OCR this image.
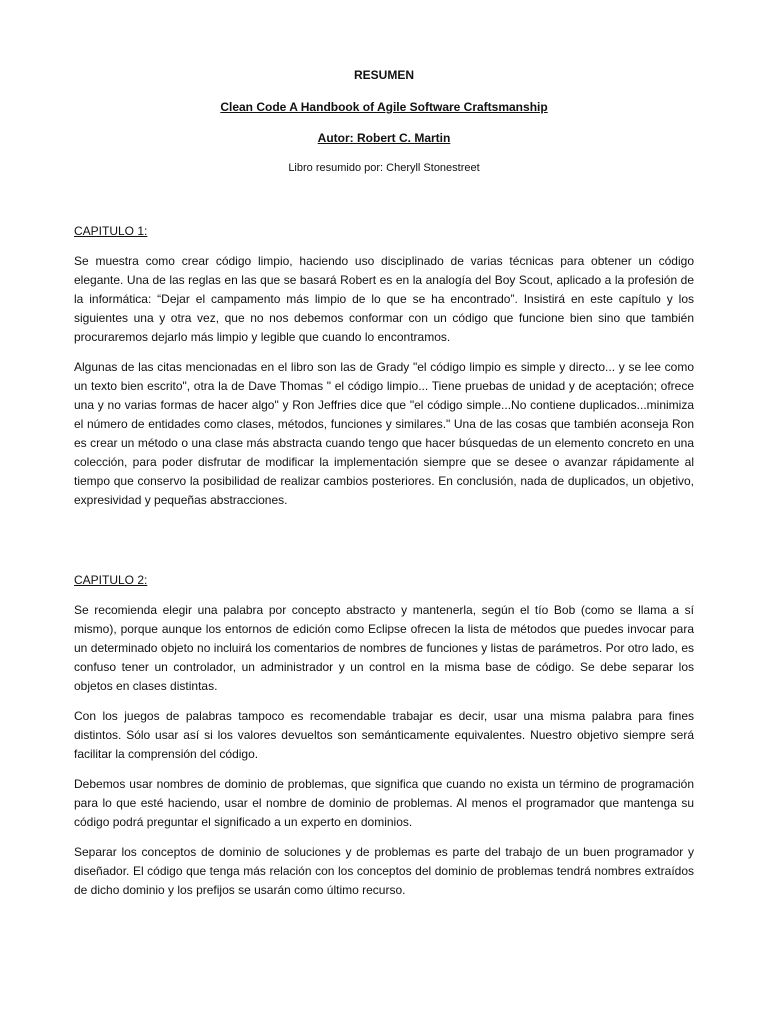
RESUMEN
Clean Code A Handbook of Agile Software Craftsmanship
Autor: Robert C. Martin
Libro resumido por: Cheryll Stonestreet
CAPITULO 1:

Se muestra como crear código limpio, haciendo uso disciplinado de varias técnicas para obtener un código elegante. Una de las reglas en las que se basará Robert es en la analogía del Boy Scout, aplicado a la profesión de la informática: “Dejar el campamento más limpio de lo que se ha encontrado”. Insistirá en este capítulo y los siguientes una y otra vez, que no nos debemos conformar con un código que funcione bien sino que también procuraremos dejarlo más limpio y legible que cuando lo encontramos.

Algunas de las citas mencionadas en el libro son las de Grady "el código limpio es simple y directo... y se lee como un texto bien escrito", otra la de Dave Thomas " el código limpio... Tiene pruebas de unidad y de aceptación; ofrece una y no varias formas de hacer algo" y Ron Jeffries dice que "el código simple...No contiene duplicados...minimiza el número de entidades como clases, métodos, funciones y similares." Una de las cosas que también aconseja Ron es crear un método o una clase más abstracta cuando tengo que hacer búsquedas de un elemento concreto en una colección, para poder disfrutar de modificar la implementación siempre que se desee o avanzar rápidamente al tiempo que conservo la posibilidad de realizar cambios posteriores. En conclusión, nada de duplicados, un objetivo, expresividad y pequeñas abstracciones.

CAPITULO 2:

Se recomienda elegir una palabra por concepto abstracto y mantenerla, según el tío Bob (como se llama a sí mismo), porque aunque los entornos de edición como Eclipse ofrecen la lista de métodos que puedes invocar para un determinado objeto no incluirá los comentarios de nombres de funciones y listas de parámetros. Por otro lado, es confuso tener un controlador, un administrador y un control en la misma base de código. Se debe separar los objetos en clases distintas.

Con los juegos de palabras tampoco es recomendable trabajar es decir, usar una misma palabra para fines distintos. Sólo usar así si los valores devueltos son semánticamente equivalentes. Nuestro objetivo siempre será facilitar la comprensión del código.

Debemos usar nombres de dominio de problemas, que significa que cuando no exista un término de programación para lo que esté haciendo, usar el nombre de dominio de problemas. Al menos el programador que mantenga su código podrá preguntar el significado a un experto en dominios.

Separar los conceptos de dominio de soluciones y de problemas es parte del trabajo de un buen programador y diseñador. El código que tenga más relación con los conceptos del dominio de problemas tendrá nombres extraídos de dicho dominio y los prefijos se usarán como último recurso.
